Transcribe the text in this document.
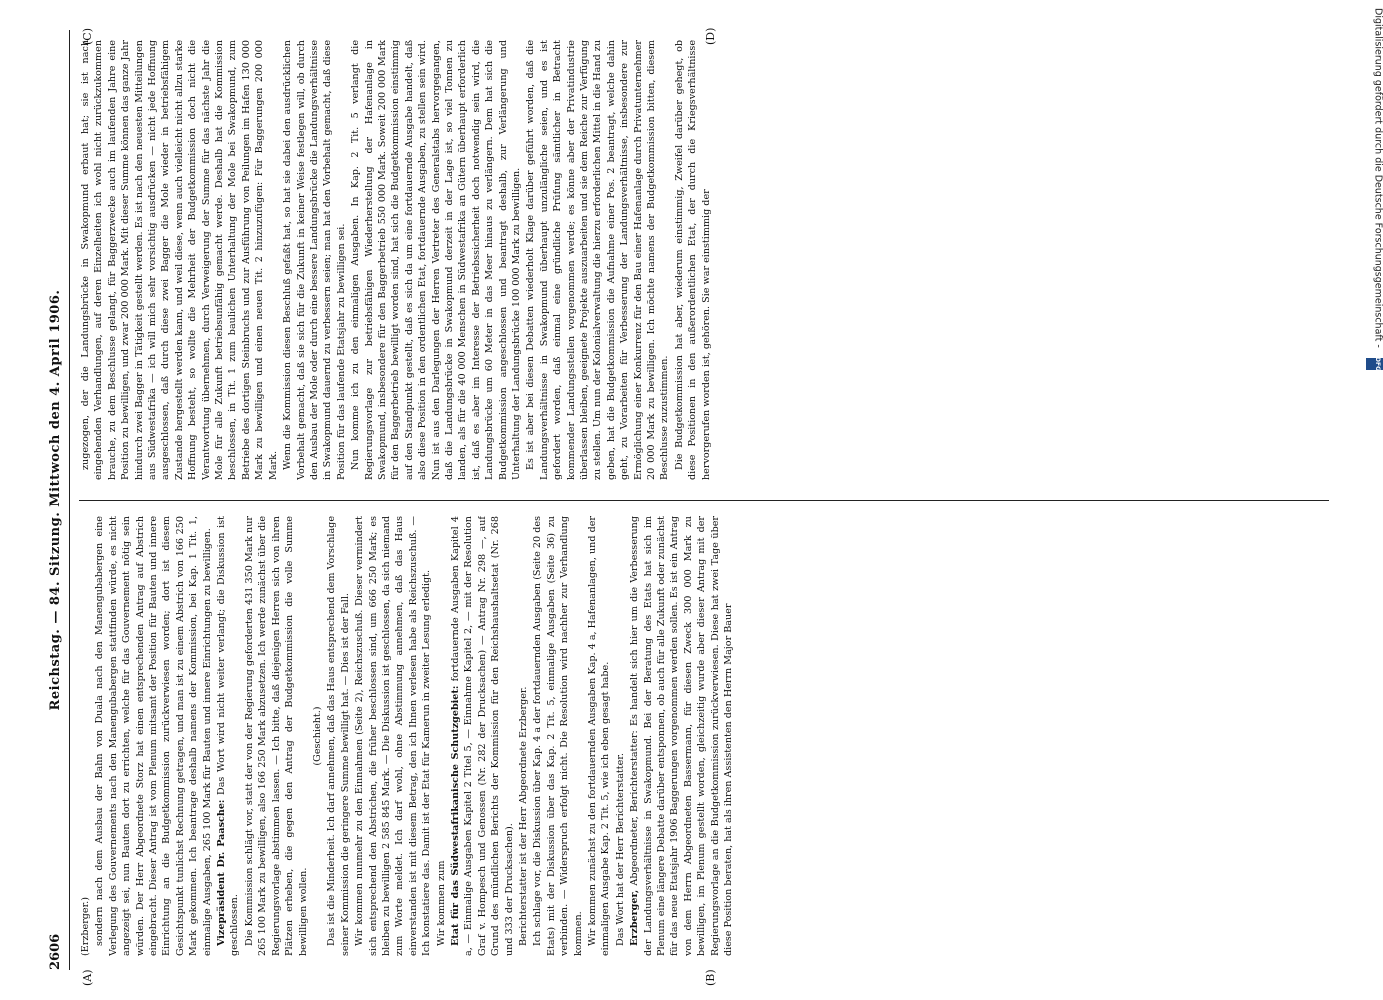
2606
Reichstag. — 84. Sitzung. Mittwoch den 4. April 1906.
(A)	(B)
(C)	(D)

(Erzberger.) sondern nach dem Ausbau der Bahn von Duala nach den Manengubabergen eine Verlegung des Gouvernements nach den Manengubabergen stattfinden würde, es nicht angezeigt sei, nun Bauten dort zu errichten, welche für das Gouvernement nötig sein würden. Der Herr Abgeordnete Storz hat einen entsprechenden Antrag auf Abstrich eingebracht. Dieser Antrag ist vom Plenum mitsamt der Position für Bauten und innere Einrichtung an die Budgetkommission zurückverwiesen worden; dort ist diesem Gesichtspunkt tunlichst Rechnung getragen, und man ist zu einem Abstrich von 166 250 Mark gekommen. Ich beantrage deshalb namens der Kommission, bei Kap. 1 Tit. 1, einmalige Ausgaben, 265 100 Mark für Bauten und innere Einrichtungen zu bewilligen. Vizepräsident Dr. Paasche: Das Wort wird nicht weiter verlangt; die Diskussion ist geschlossen. Die Kommission schlägt vor, statt der von der Regierung geforderten 431 350 Mark nur 265 100 Mark zu bewilligen, also 166 250 Mark abzusetzen. Ich werde zunächst über die Regierungsvorlage abstimmen lassen. — Ich bitte, daß diejenigen Herren sich von ihren Plätzen erheben, die gegen den Antrag der Budgetkommission die volle Summe bewilligen wollen.

(Geschieht.) Das ist die Minderheit. Ich darf annehmen, daß das Haus entsprechend dem Vorschlage seiner Kommission die geringere Summe bewilligt hat. — Dies ist der Fall. Wir kommen nunmehr zu den Einnahmen (Seite 2), Reichszuschuß. Dieser vermindert sich entsprechend den Abstrichen, die früher beschlossen sind, um 666 250 Mark; es bleiben zu bewilligen 2 585 845 Mark. — Die Diskussion ist geschlossen, da sich niemand zum Worte meldet. Ich darf wohl, ohne Abstimmung annehmen, daß das Haus einverstanden ist mit diesem Betrag, den ich Ihnen verlesen habe als Reichszuschuß. — Ich konstatiere das. Damit ist der Etat für Kamerun in zweiter Lesung erledigt. Wir kommen zum Etat für das Südwestafrikanische Schutzgebiet: fortdauernde Ausgaben Kapitel 4 a, — Einmalige Ausgaben Kapitel 2 Titel 5, — Einnahme Kapitel 2, — mit der Resolution Graf v. Hompesch und Genossen (Nr. 282 der Drucksachen) — Antrag Nr. 298 —, auf Grund des mündlichen Berichts der Kommission für den Reichshaushaltsetat (Nr. 268 und 333 der Drucksachen). Berichterstatter ist der Herr Abgeordnete Erzberger. Ich schlage vor, die Diskussion über Kap. 4 a der fortdauernden Ausgaben (Seite 20 des Etats) mit der Diskussion über das Kap. 2 Tit. 5, einmalige Ausgaben (Seite 36) zu verbinden. — Widerspruch erfolgt nicht. Die Resolution wird nachher zur Verhandlung kommen. Wir kommen zunächst zu den fortdauernden Ausgaben Kap. 4 a, Hafenanlagen, und der einmaligen Ausgabe Kap. 2 Tit. 5, wie ich eben gesagt habe. Das Wort hat der Herr Berichterstatter. Erzberger, Abgeordneter, Berichterstatter: Es handelt sich hier um die Verbesserung der Landungsverhältnisse in Swakopmund. Bei der Beratung des Etats hat sich im Plenum eine längere Debatte darüber entsponnen, ob auch für alle Zukunft oder zunächst für das neue Etatsjahr 1906 Baggerungen vorgenommen werden sollen. Es ist ein Antrag von dem Herrn Abgeordneten Bassermann, für diesen Zweck 300 000 Mark zu bewilligen, im Plenum gestellt worden, gleichzeitig wurde aber dieser Antrag mit der Regierungsvorlage an die Budgetkommission zurückverwiesen. Diese hat zwei Tage über diese Position beraten, hat als ihren Assistenten den Herrn Major Bauer

zugezogen, der die Landungsbrücke in Swakopmund erbaut hat; sie ist nach eingehenden Verhandlungen, auf deren Einzelheiten ich wohl nicht zurückzukommen brauche, zu dem Beschlusse gelangt, für Baggerzwecke auch im laufenden Jahre eine Position zu bewilligen, und zwar 200 000 Mark. Mit dieser Summe können das ganze Jahr hindurch zwei Bagger in Tätigkeit gestellt werden. Es ist nach den neuesten Mitteilungen aus Südwestafrika — ich will mich sehr vorsichtig ausdrücken — nicht jede Hoffnung ausgeschlossen, daß durch diese zwei Bagger die Mole wieder in betriebsfähigem Zustande hergestellt werden kann, und weil diese, wenn auch vielleicht nicht allzu starke Hoffnung besteht, so wollte die Mehrheit der Budgetkommission doch nicht die Verantwortung übernehmen, durch Verweigerung der Summe für das nächste Jahr die Mole für alle Zukunft betriebsunfähig gemacht werde. Deshalb hat die Kommission beschlossen, in Tit. 1 zum baulichen Unterhaltung der Mole bei Swakopmund, zum Betriebe des dortigen Steinbruchs und zur Ausführung von Peilungen im Hafen 130 000 Mark zu bewilligen und einen neuen Tit. 2 hinzuzufügen: Für Baggerungen 200 000 Mark. Wenn die Kommission diesen Beschluß gefaßt hat, so hat sie dabei den ausdrücklichen Vorbehalt gemacht, daß sie sich für die Zukunft in keiner Weise festlegen will, ob durch den Ausbau der Mole oder durch eine bessere Landungsbrücke die Landungsverhältnisse in Swakopmund dauernd zu verbessern seien; man hat den Vorbehalt gemacht, daß diese Position für das laufende Etatsjahr zu bewilligen sei. Nun komme ich zu den einmaligen Ausgaben. In Kap. 2 Tit. 5 verlangt die Regierungsvorlage zur betriebsfähigen Wiederherstellung der Hafenanlage in Swakopmund, insbesondere für den Baggerbetrieb 550 000 Mark. Soweit 200 000 Mark für den Baggerbetrieb bewilligt worden sind, hat sich die Budgetkommission einstimmig auf den Standpunkt gestellt, daß es sich da um eine fortdauernde Ausgabe handelt, daß also diese Position in den ordentlichen Etat, fortdauernde Ausgaben, zu stellen sein wird. Nun ist aus den Darlegungen der Herren Vertreter des Generalstabs hervorgegangen, daß die Landungsbrücke in Swakopmund derzeit in der Lage ist, so viel Tonnen zu landen, als für die 40 000 Menschen in Südwestafrika an Gütern überhaupt erforderlich ist, daß es aber im Interesse der Betriebssicherheit doch notwendig sein wird, die Landungsbrücke um 60 Meter in das Meer hinaus zu verlängern. Dem hat sich die Budgetkommission angeschlossen und beantragt deshalb, zur Verlängerung und Unterhaltung der Landungsbrücke 100 000 Mark zu bewilligen. Es ist aber bei diesen Debatten wiederholt Klage darüber geführt worden, daß die Landungsverhältnisse in Swakopmund überhaupt unzulängliche seien, und es ist gefordert worden, daß einmal eine gründliche Prüfung sämtlicher in Betracht kommender Landungsstellen vorgenommen werde; es könne aber der Privatindustrie überlassen bleiben, geeignete Projekte auszuarbeiten und sie dem Reiche zur Verfügung zu stellen. Um nun der Kolonialverwaltung die hierzu erforderlichen Mittel in die Hand zu geben, hat die Budgetkommission die Aufnahme einer Pos. 2 beantragt, welche dahin geht, zu Vorarbeiten für Verbesserung der Landungsverhältnisse, insbesondere zur Ermöglichung einer Konkurrenz für den Bau einer Hafenanlage durch Privatunternehmer 20 000 Mark zu bewilligen. Ich möchte namens der Budgetkommission bitten, diesem Beschlusse zuzustimmen. Die Budgetkommission hat aber, wiederum einstimmig, Zweifel darüber gehegt, ob diese Positionen in den außerordentlichen Etat, der durch die Kriegsverhältnisse hervorgerufen worden ist, gehören. Sie war einstimmig der	Digitalisierung gefördert durch die Deutsche Forschungsgemeinschaft -
DFG
